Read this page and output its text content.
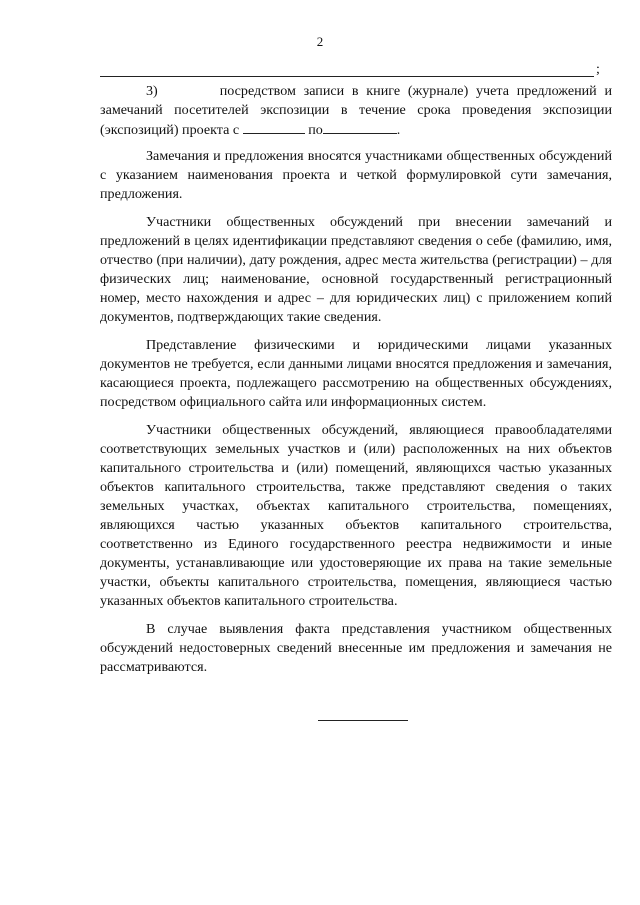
2
;

3)	посредством записи в книге (журнале) учета предложений и замечаний посетителей экспозиции в течение срока проведения экспозиции (экспозиций) проекта с	по	.

Замечания и предложения вносятся участниками общественных обсуждений с указанием наименования проекта и четкой формулировкой сути замечания, предложения.

Участники общественных обсуждений при внесении замечаний и предложений в целях идентификации представляют сведения о себе (фамилию, имя, отчество (при наличии), дату рождения, адрес места жительства (регистрации) – для физических лиц; наименование, основной государственный регистрационный номер, место нахождения и адрес – для юридических лиц) с приложением копий документов, подтверждающих такие сведения.

Представление физическими и юридическими лицами указанных документов не требуется, если данными лицами вносятся предложения и замечания, касающиеся проекта, подлежащего рассмотрению на общественных обсуждениях, посредством официального сайта или информационных систем.

Участники общественных обсуждений, являющиеся правообладателями соответствующих земельных участков и (или) расположенных на них объектов капитального строительства и (или) помещений, являющихся частью указанных объектов капитального строительства, также представляют сведения о таких земельных участках, объектах капитального строительства, помещениях, являющихся частью указанных объектов капитального строительства, соответственно из Единого государственного реестра недвижимости и иные документы, устанавливающие или удостоверяющие их права на такие земельные участки, объекты капитального строительства, помещения, являющиеся частью указанных объектов капитального строительства.

В случае выявления факта представления участником общественных обсуждений недостоверных сведений внесенные им предложения и замечания не рассматриваются.
